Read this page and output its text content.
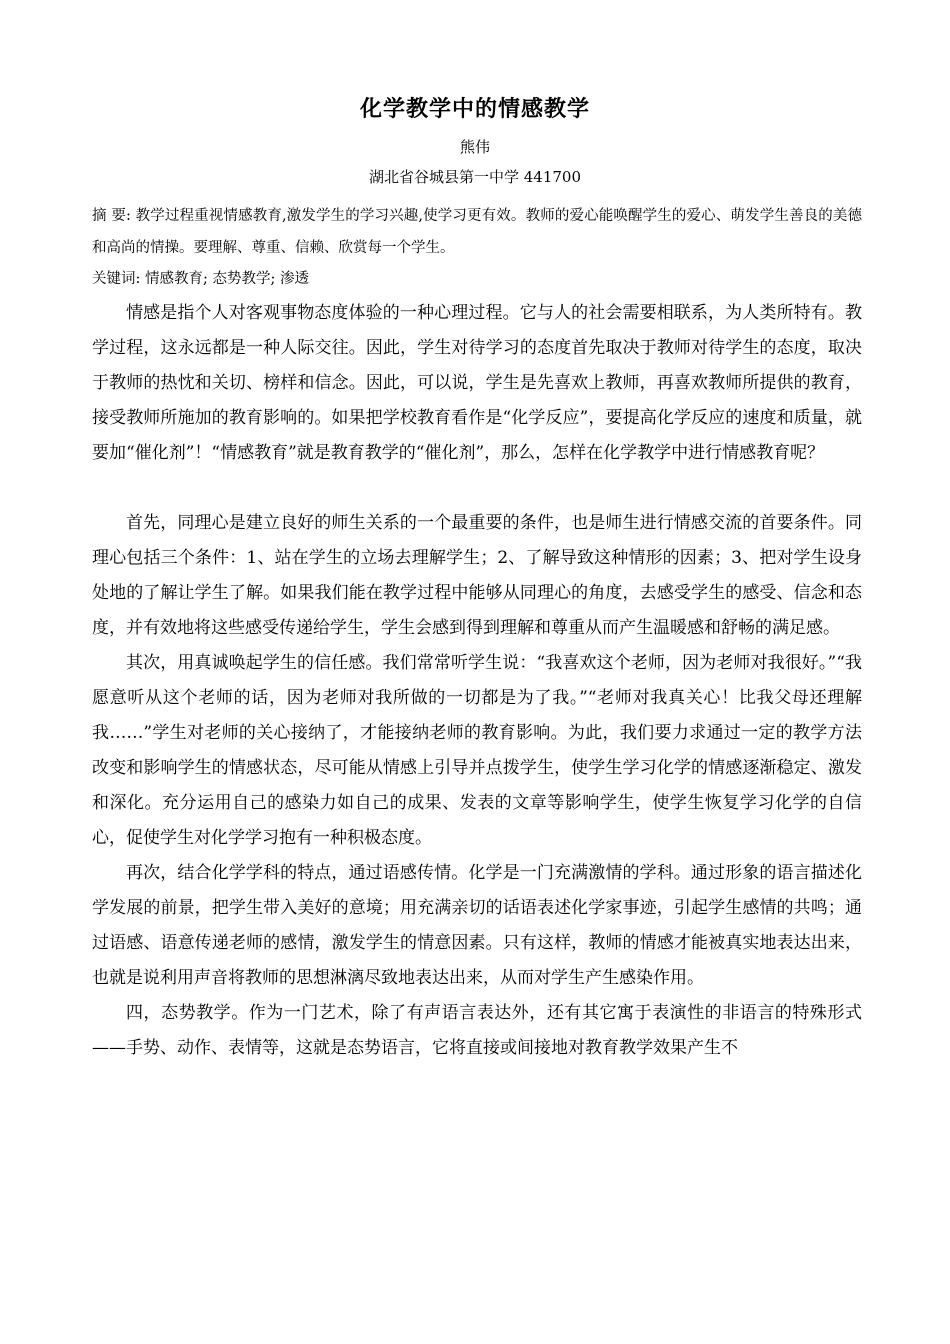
化学教学中的情感教学
熊伟
湖北省谷城县第一中学 441700
摘 要: 教学过程重视情感教育,激发学生的学习兴趣,使学习更有效。教师的爱心能唤醒学生的爱心、萌发学生善良的美德和高尚的情操。要理解、尊重、信赖、欣赏每一个学生。
关键词: 情感教育; 态势教学; 渗透

情感是指个人对客观事物态度体验的一种心理过程。它与人的社会需要相联系，为人类所特有。教学过程，这永远都是一种人际交往。因此，学生对待学习的态度首先取决于教师对待学生的态度，取决于教师的热忱和关切、榜样和信念。因此，可以说，学生是先喜欢上教师，再喜欢教师所提供的教育，接受教师所施加的教育影响的。如果把学校教育看作是“化学反应”，要提高化学反应的速度和质量，就要加“催化剂”！“情感教育”就是教育教学的“催化剂”，那么，怎样在化学教学中进行情感教育呢？

首先，同理心是建立良好的师生关系的一个最重要的条件，也是师生进行情感交流的首要条件。同理心包括三个条件：1、站在学生的立场去理解学生；2、了解导致这种情形的因素；3、把对学生设身处地的了解让学生了解。如果我们能在教学过程中能够从同理心的角度，去感受学生的感受、信念和态度，并有效地将这些感受传递给学生，学生会感到得到理解和尊重从而产生温暖感和舒畅的满足感。

其次，用真诚唤起学生的信任感。我们常常听学生说：“我喜欢这个老师，因为老师对我很好。”“我愿意听从这个老师的话，因为老师对我所做的一切都是为了我。”“老师对我真关心！比我父母还理解我……”学生对老师的关心接纳了，才能接纳老师的教育影响。为此，我们要力求通过一定的教学方法改变和影响学生的情感状态，尽可能从情感上引导并点拨学生，使学生学习化学的情感逐渐稳定、激发和深化。充分运用自己的感染力如自己的成果、发表的文章等影响学生，使学生恢复学习化学的自信心，促使学生对化学学习抱有一种积极态度。

再次，结合化学学科的特点，通过语感传情。化学是一门充满激情的学科。通过形象的语言描述化学发展的前景，把学生带入美好的意境；用充满亲切的话语表述化学家事迹，引起学生感情的共鸣；通过语感、语意传递老师的感情，激发学生的情意因素。只有这样，教师的情感才能被真实地表达出来，也就是说利用声音将教师的思想淋漓尽致地表达出来，从而对学生产生感染作用。

四，态势教学。作为一门艺术，除了有声语言表达外，还有其它寓于表演性的非语言的特殊形式——手势、动作、表情等，这就是态势语言，它将直接或间接地对教育教学效果产生不
